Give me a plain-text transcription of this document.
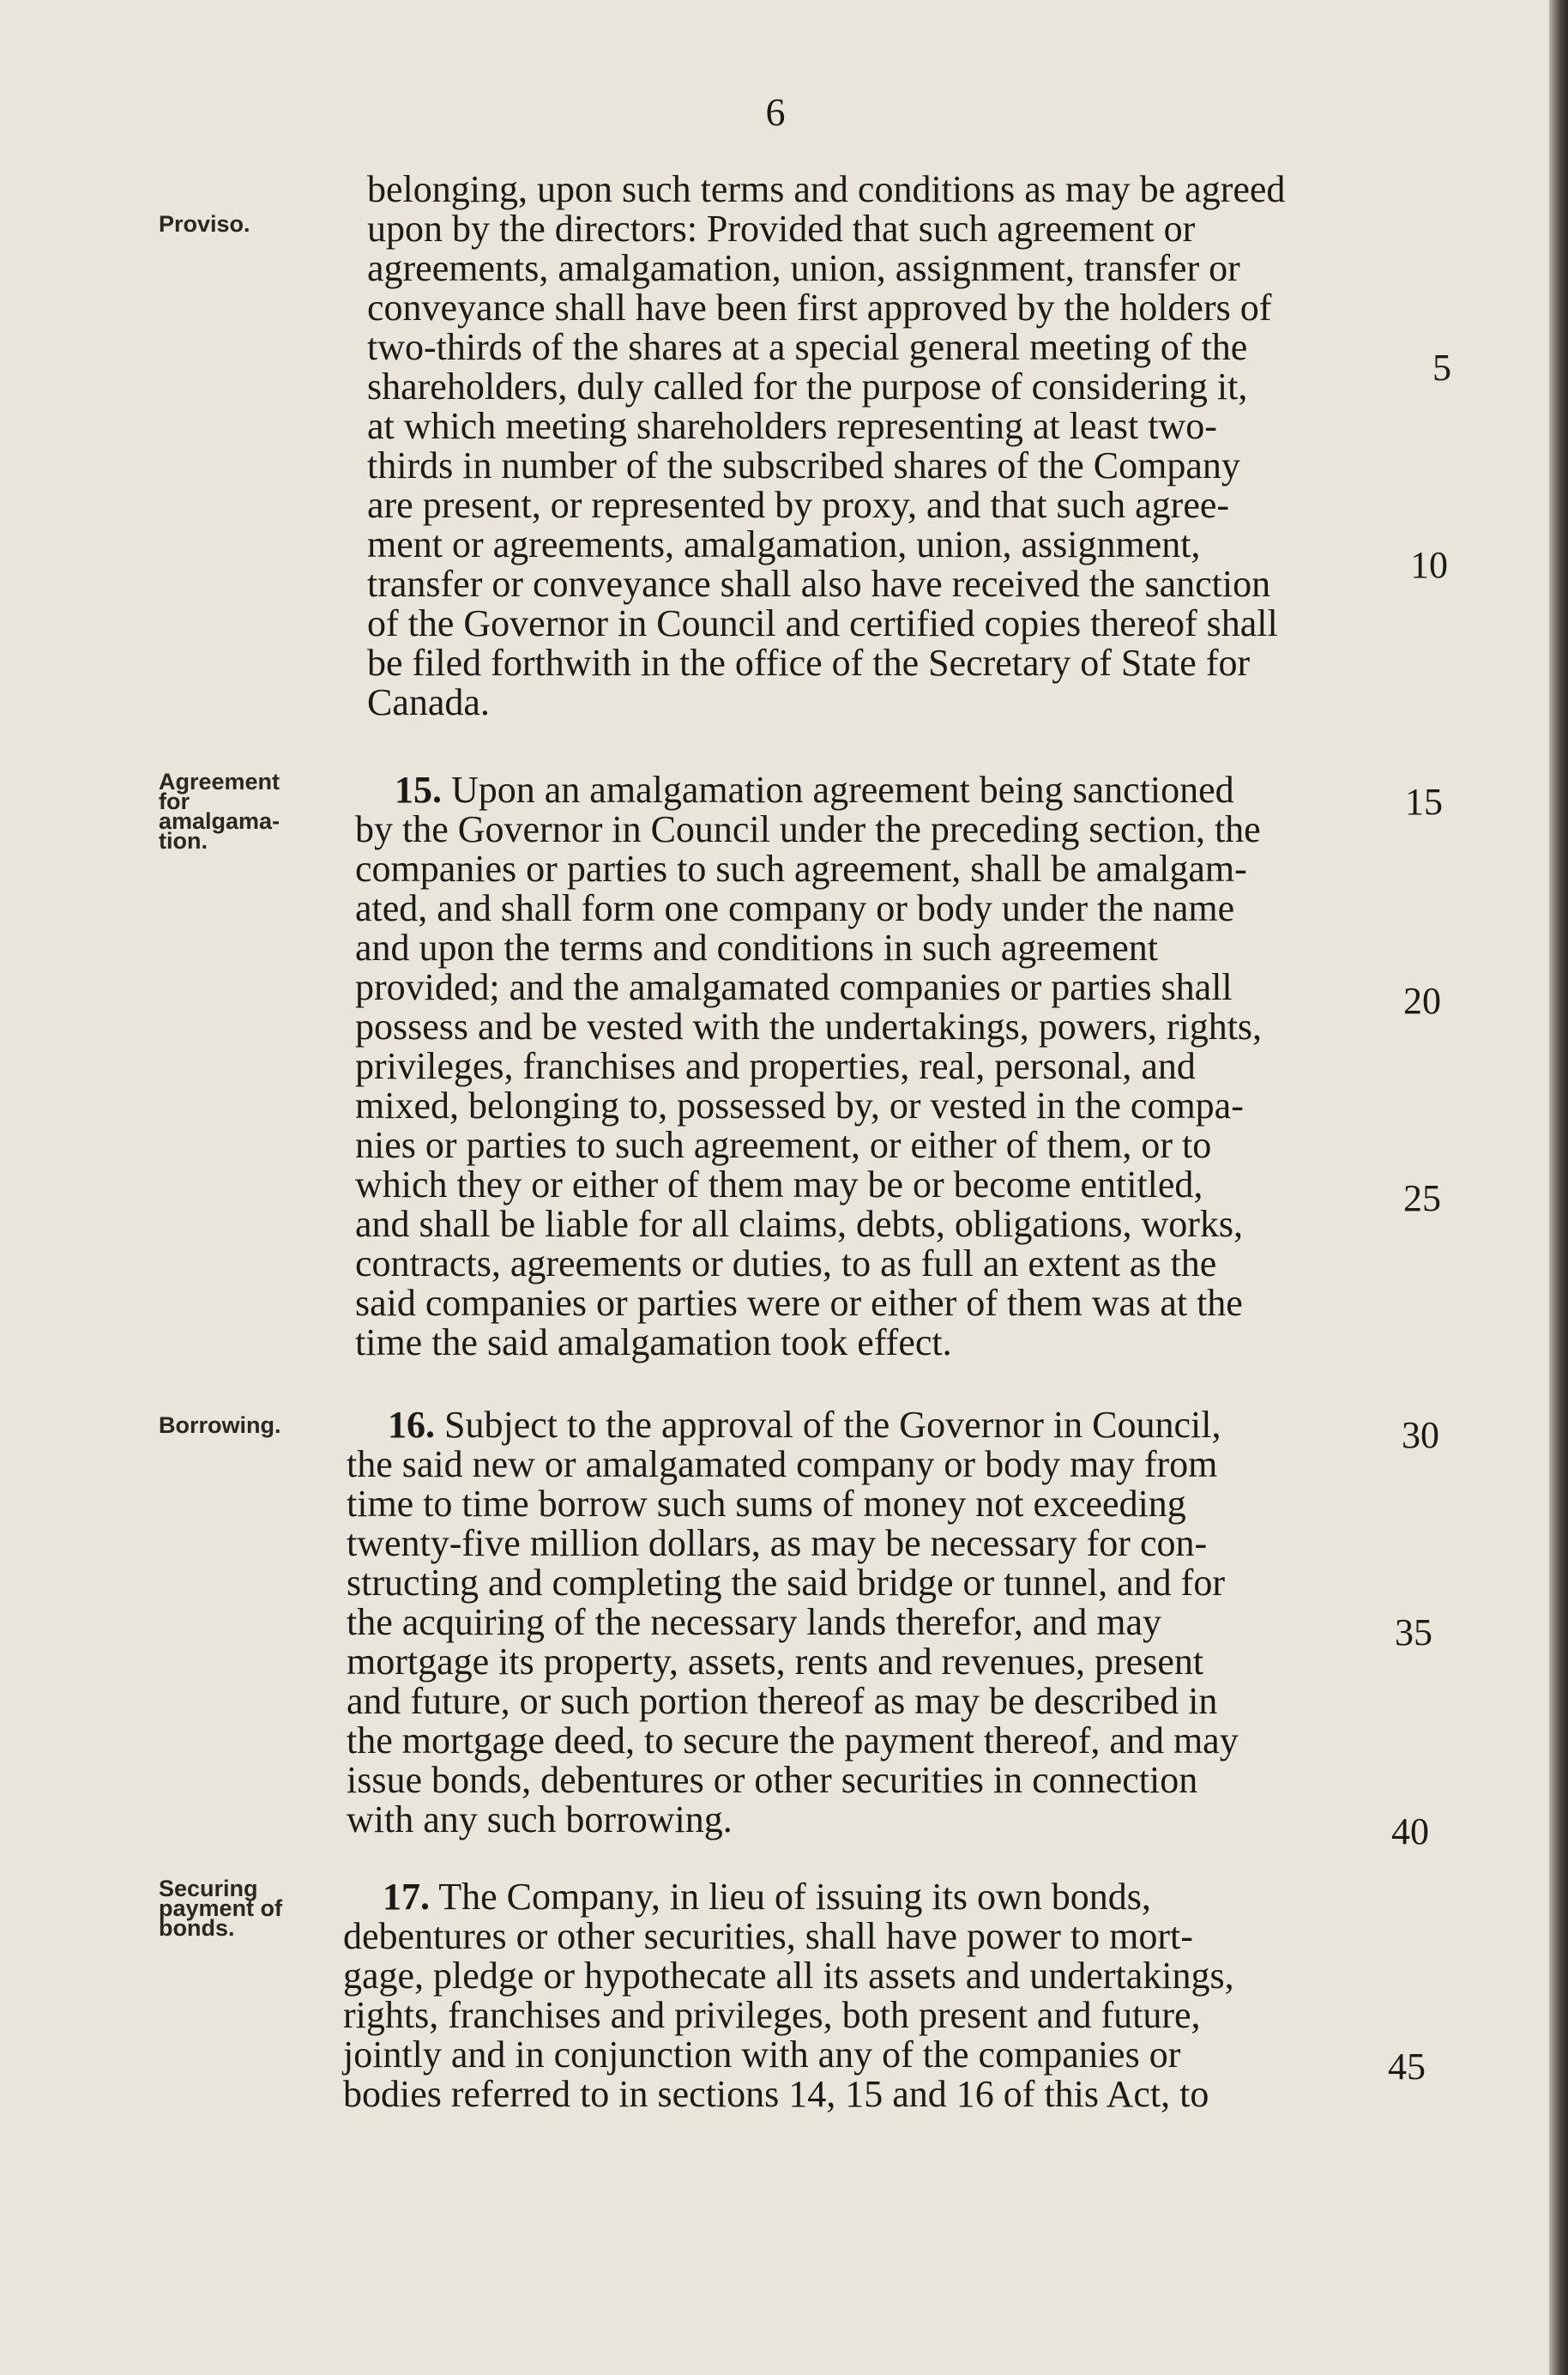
6
Proviso.
Agreement
for
amalgama-
tion.
Borrowing.
Securing
payment of
bonds.
belonging, upon such terms and conditions as may be agreed
upon by the directors: Provided that such agreement or
agreements, amalgamation, union, assignment, transfer or
conveyance shall have been first approved by the holders of
two-thirds of the shares at a special general meeting of the
shareholders, duly called for the purpose of considering it,
at which meeting shareholders representing at least two-
thirds in number of the subscribed shares of the Company
are present, or represented by proxy, and that such agree-
ment or agreements, amalgamation, union, assignment,
transfer or conveyance shall also have received the sanction
of the Governor in Council and certified copies thereof shall
be filed forthwith in the office of the Secretary of State for
Canada.
15. Upon an amalgamation agreement being sanctioned
by the Governor in Council under the preceding section, the
companies or parties to such agreement, shall be amalgam-
ated, and shall form one company or body under the name
and upon the terms and conditions in such agreement
provided; and the amalgamated companies or parties shall
possess and be vested with the undertakings, powers, rights,
privileges, franchises and properties, real, personal, and
mixed, belonging to, possessed by, or vested in the compa-
nies or parties to such agreement, or either of them, or to
which they or either of them may be or become entitled,
and shall be liable for all claims, debts, obligations, works,
contracts, agreements or duties, to as full an extent as the
said companies or parties were or either of them was at the
time the said amalgamation took effect.
16. Subject to the approval of the Governor in Council,
the said new or amalgamated company or body may from
time to time borrow such sums of money not exceeding
twenty-five million dollars, as may be necessary for con-
structing and completing the said bridge or tunnel, and for
the acquiring of the necessary lands therefor, and may
mortgage its property, assets, rents and revenues, present
and future, or such portion thereof as may be described in
the mortgage deed, to secure the payment thereof, and may
issue bonds, debentures or other securities in connection
with any such borrowing.
17. The Company, in lieu of issuing its own bonds,
debentures or other securities, shall have power to mort-
gage, pledge or hypothecate all its assets and undertakings,
rights, franchises and privileges, both present and future,
jointly and in conjunction with any of the companies or
bodies referred to in sections 14, 15 and 16 of this Act, to
5
10
15
20
25
30
35
40
45
